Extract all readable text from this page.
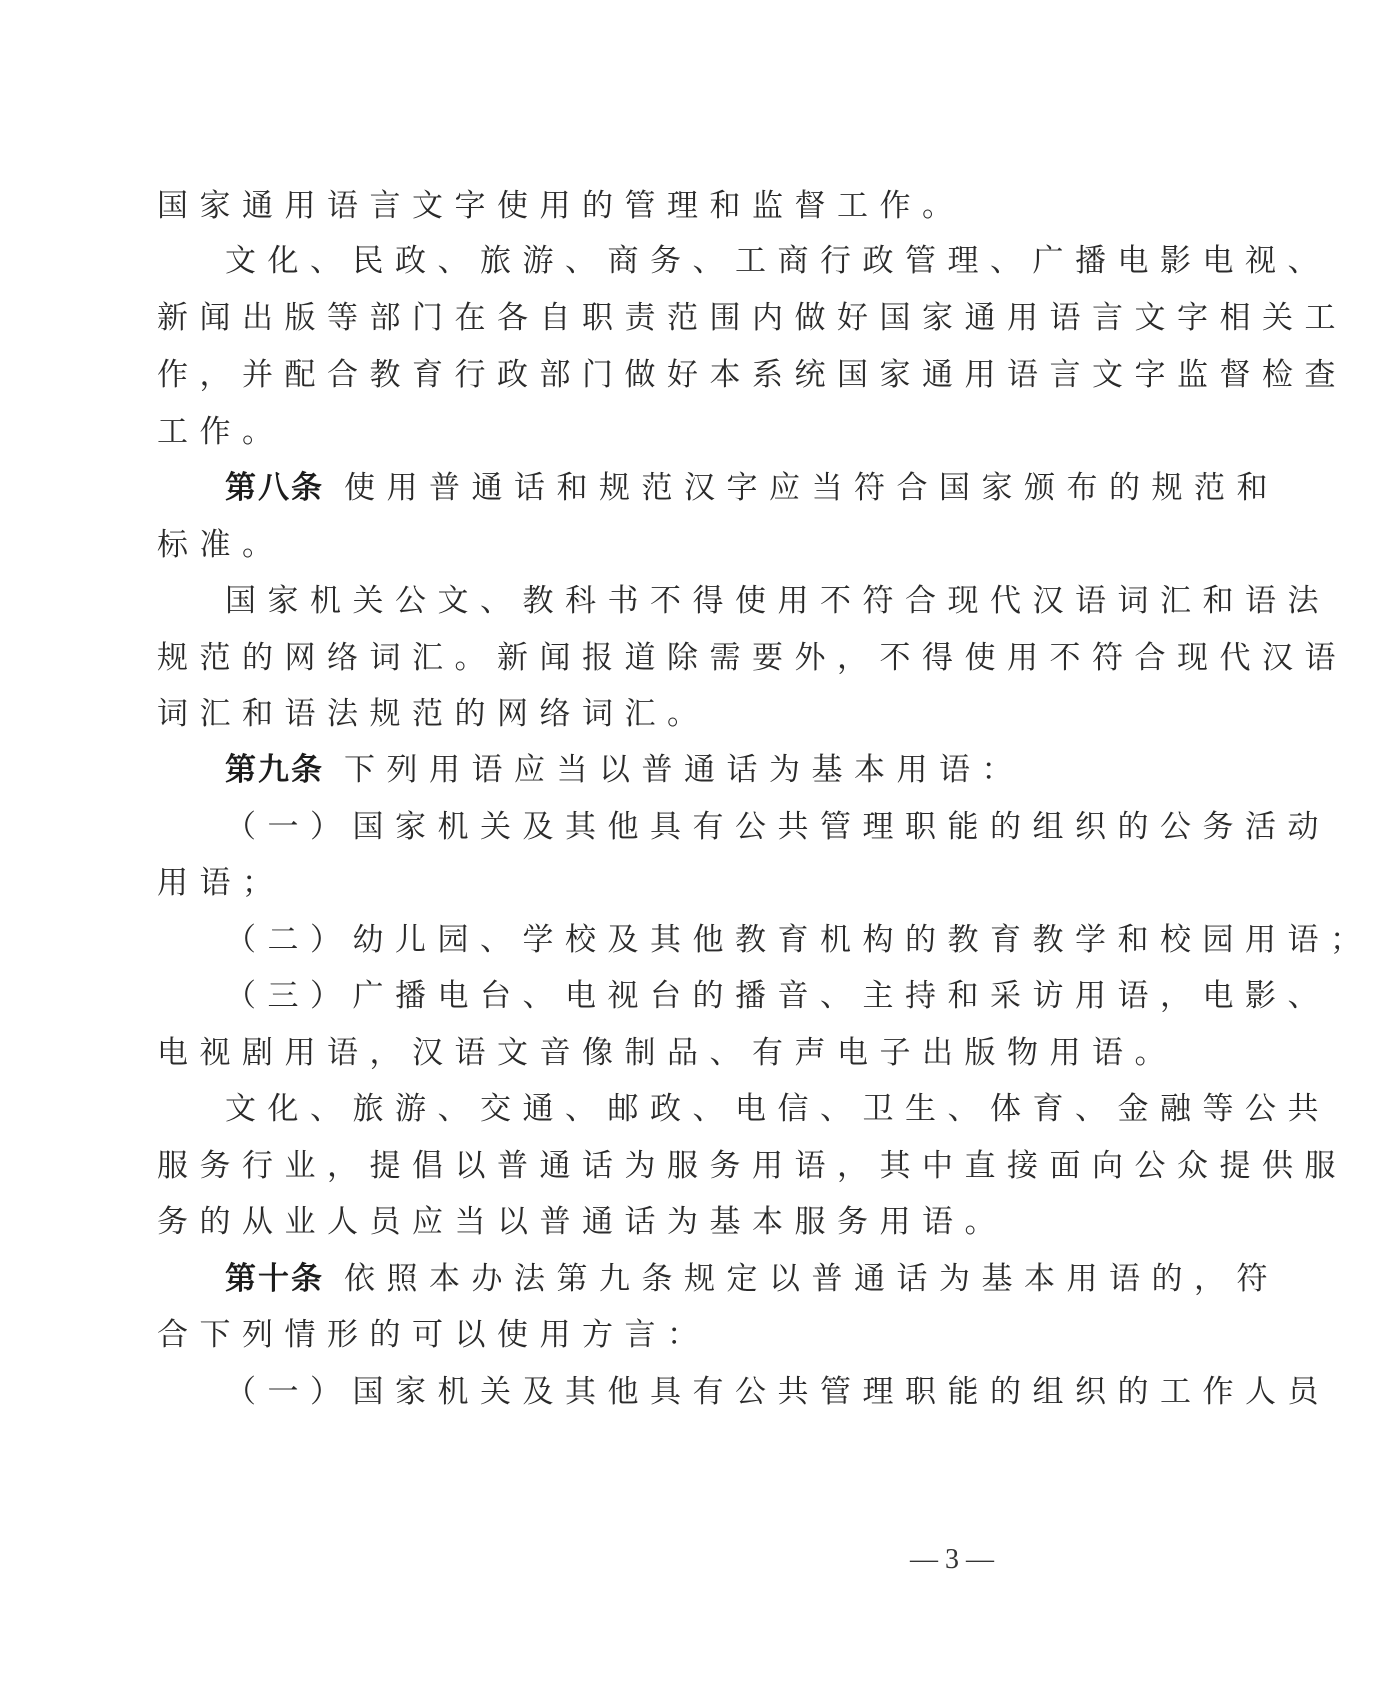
国家通用语言文字使用的管理和监督工作。
文化、民政、旅游、商务、工商行政管理、广播电影电视、
新闻出版等部门在各自职责范围内做好国家通用语言文字相关工
作，并配合教育行政部门做好本系统国家通用语言文字监督检查
工作。
第八条 使用普通话和规范汉字应当符合国家颁布的规范和
标准。
国家机关公文、教科书不得使用不符合现代汉语词汇和语法
规范的网络词汇。新闻报道除需要外，不得使用不符合现代汉语
词汇和语法规范的网络词汇。
第九条 下列用语应当以普通话为基本用语：
（一）国家机关及其他具有公共管理职能的组织的公务活动
用语；
（二）幼儿园、学校及其他教育机构的教育教学和校园用语；
（三）广播电台、电视台的播音、主持和采访用语，电影、
电视剧用语，汉语文音像制品、有声电子出版物用语。
文化、旅游、交通、邮政、电信、卫生、体育、金融等公共
服务行业，提倡以普通话为服务用语，其中直接面向公众提供服
务的从业人员应当以普通话为基本服务用语。
第十条 依照本办法第九条规定以普通话为基本用语的，符
合下列情形的可以使用方言：
（一）国家机关及其他具有公共管理职能的组织的工作人员
— 3 —
